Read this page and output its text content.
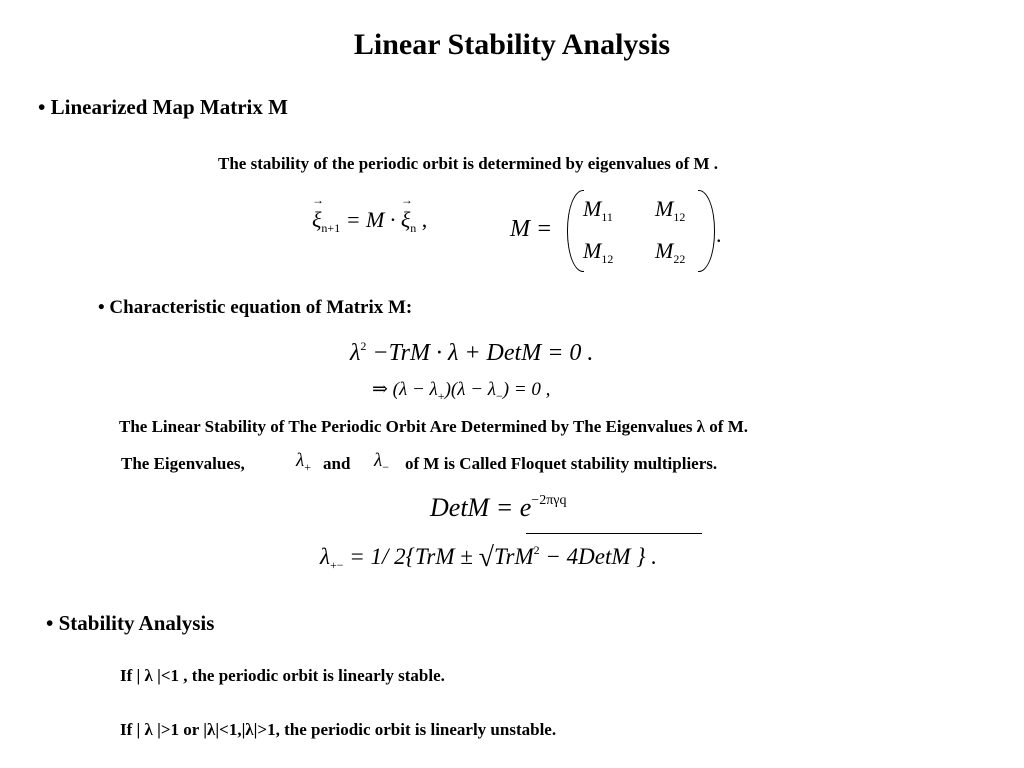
Linear Stability Analysis
• Linearized Map Matrix M
The stability of the periodic orbit is determined by eigenvalues of M .
→ $\xi_{n+1} = M$ · → $\xi_n$ ,	M =
$M_{11}$ $M_{12}$
$M_{12}$ $M_{22}$
.
• Characteristic equation of Matrix M:
$\lambda^2 -TrM \cdot \lambda$ + DetM = 0 .
⇒ $(\lambda - \lambda_+)(\lambda - \lambda_-) = 0$ ,
The Linear Stability of The Periodic Orbit Are Determined by The Eigenvalues λ of M.
The Eigenvalues,	$\lambda_+$ and $\lambda_-$ of M is Called Floquet stability multipliers.
DetM = $e^{-2\pi\gamma q}$
$\lambda_{+-} = 1/$ 2{TrM ± √TrM$^2$ − 4DetM } .
• Stability Analysis
If | λ |<1 , the periodic orbit is linearly stable.
If | λ |>1 or |λ|<1,|λ|>1, the periodic orbit is linearly unstable.
